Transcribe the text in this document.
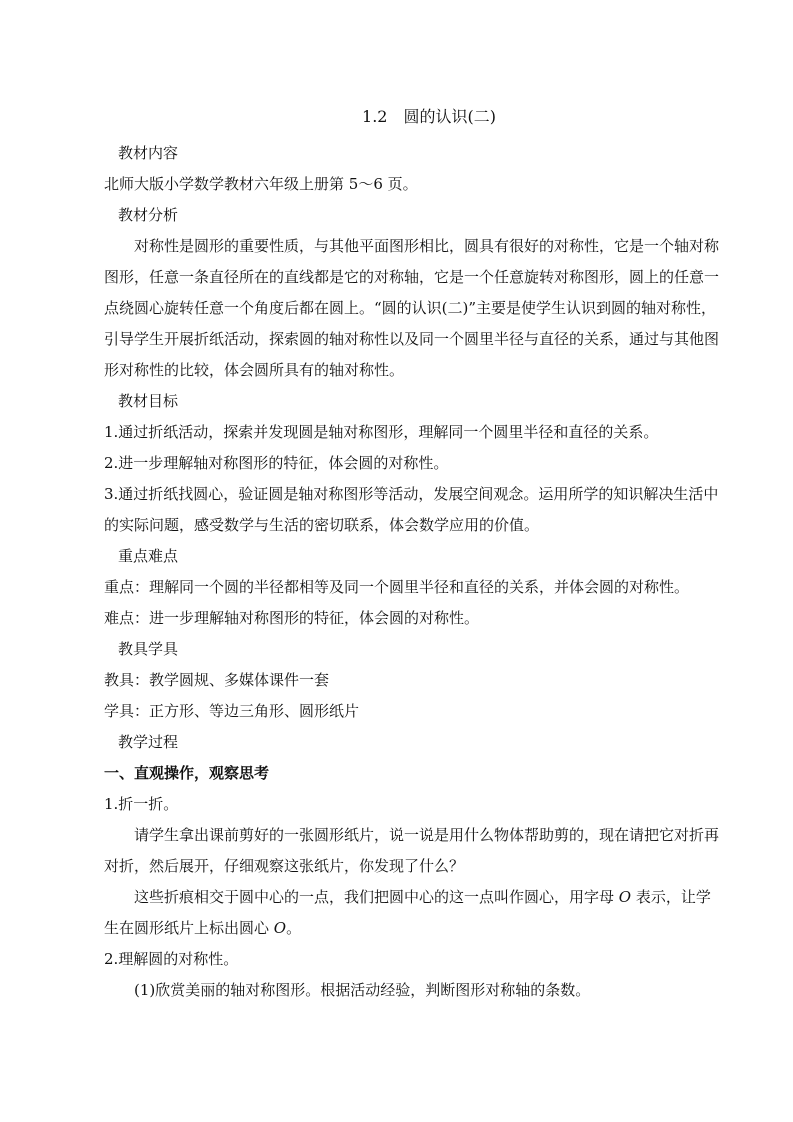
1.2　圆的认识(二)

教材内容

北师大版小学数学教材六年级上册第 5～6 页。

教材分析

对称性是圆形的重要性质，与其他平面图形相比，圆具有很好的对称性，它是一个轴对称图形，任意一条直径所在的直线都是它的对称轴，它是一个任意旋转对称图形，圆上的任意一点绕圆心旋转任意一个角度后都在圆上。“圆的认识(二)”主要是使学生认识到圆的轴对称性，引导学生开展折纸活动，探索圆的轴对称性以及同一个圆里半径与直径的关系，通过与其他图形对称性的比较，体会圆所具有的轴对称性。

教材目标

1.通过折纸活动，探索并发现圆是轴对称图形，理解同一个圆里半径和直径的关系。

2.进一步理解轴对称图形的特征，体会圆的对称性。

3.通过折纸找圆心，验证圆是轴对称图形等活动，发展空间观念。运用所学的知识解决生活中的实际问题，感受数学与生活的密切联系，体会数学应用的价值。

重点难点

重点：理解同一个圆的半径都相等及同一个圆里半径和直径的关系，并体会圆的对称性。

难点：进一步理解轴对称图形的特征，体会圆的对称性。

教具学具

教具：教学圆规、多媒体课件一套

学具：正方形、等边三角形、圆形纸片

教学过程

一、直观操作，观察思考

1.折一折。

请学生拿出课前剪好的一张圆形纸片，说一说是用什么物体帮助剪的，现在请把它对折再对折，然后展开，仔细观察这张纸片，你发现了什么？

这些折痕相交于圆中心的一点，我们把圆中心的这一点叫作圆心，用字母 O 表示，让学生在圆形纸片上标出圆心 O。

2.理解圆的对称性。

(1)欣赏美丽的轴对称图形。根据活动经验，判断图形对称轴的条数。
